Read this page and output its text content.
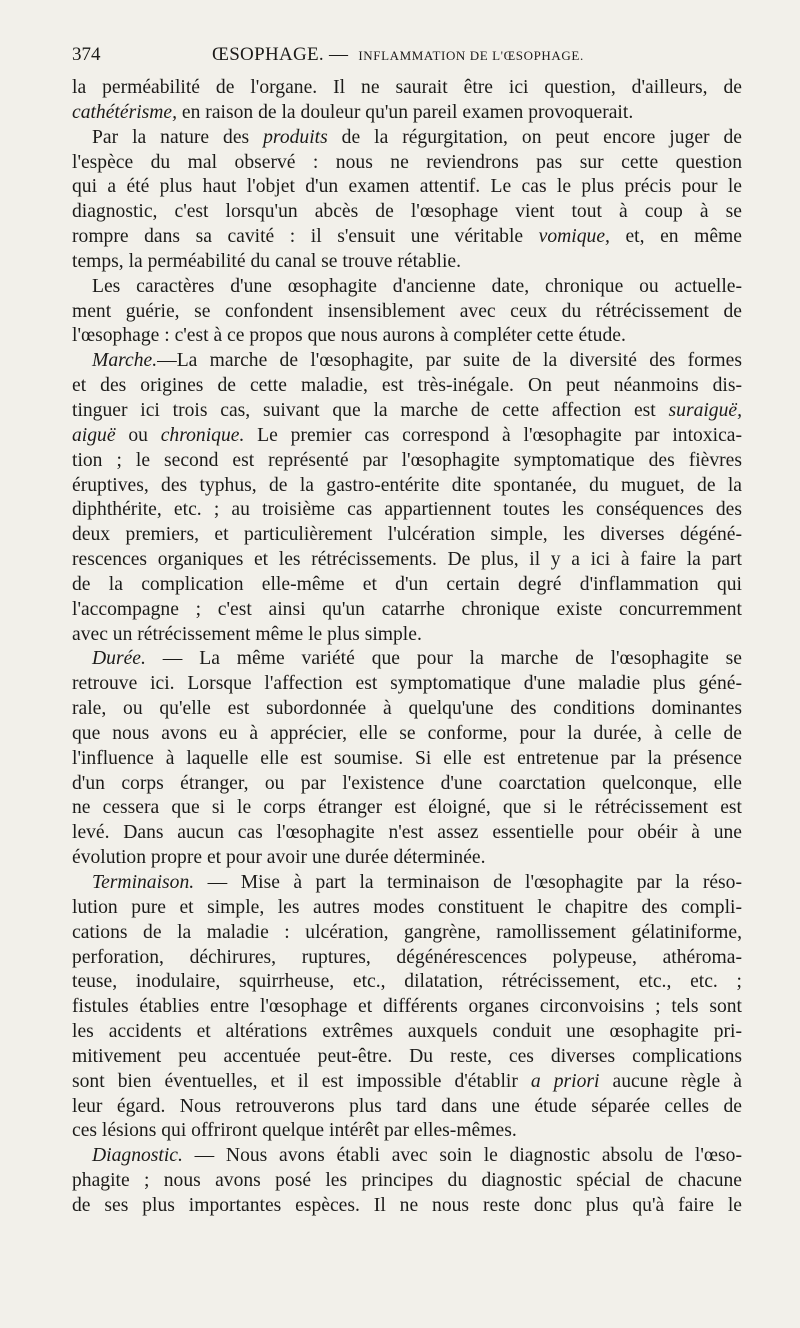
374	ŒSOPHAGE. — INFLAMMATION DE L'ŒSOPHAGE.
la perméabilité de l'organe. Il ne saurait être ici question, d'ailleurs, de
cathétérisme, en raison de la douleur qu'un pareil examen provoquerait.
Par la nature des produits de la régurgitation, on peut encore juger de
l'espèce du mal observé : nous ne reviendrons pas sur cette question
qui a été plus haut l'objet d'un examen attentif. Le cas le plus précis pour le
diagnostic, c'est lorsqu'un abcès de l'œsophage vient tout à coup à se
rompre dans sa cavité : il s'ensuit une véritable vomique, et, en même
temps, la perméabilité du canal se trouve rétablie.
Les caractères d'une œsophagite d'ancienne date, chronique ou actuelle-
ment guérie, se confondent insensiblement avec ceux du rétrécissement de
l'œsophage : c'est à ce propos que nous aurons à compléter cette étude.
Marche.—La marche de l'œsophagite, par suite de la diversité des formes
et des origines de cette maladie, est très-inégale. On peut néanmoins dis-
tinguer ici trois cas, suivant que la marche de cette affection est suraiguë,
aiguë ou chronique. Le premier cas correspond à l'œsophagite par intoxica-
tion ; le second est représenté par l'œsophagite symptomatique des fièvres
éruptives, des typhus, de la gastro-entérite dite spontanée, du muguet, de la
diphthérite, etc. ; au troisième cas appartiennent toutes les conséquences des
deux premiers, et particulièrement l'ulcération simple, les diverses dégéné-
rescences organiques et les rétrécissements. De plus, il y a ici à faire la part
de la complication elle-même et d'un certain degré d'inflammation qui
l'accompagne ; c'est ainsi qu'un catarrhe chronique existe concurremment
avec un rétrécissement même le plus simple.
Durée. — La même variété que pour la marche de l'œsophagite se
retrouve ici. Lorsque l'affection est symptomatique d'une maladie plus géné-
rale, ou qu'elle est subordonnée à quelqu'une des conditions dominantes
que nous avons eu à apprécier, elle se conforme, pour la durée, à celle de
l'influence à laquelle elle est soumise. Si elle est entretenue par la présence
d'un corps étranger, ou par l'existence d'une coarctation quelconque, elle
ne cessera que si le corps étranger est éloigné, que si le rétrécissement est
levé. Dans aucun cas l'œsophagite n'est assez essentielle pour obéir à une
évolution propre et pour avoir une durée déterminée.
Terminaison. — Mise à part la terminaison de l'œsophagite par la réso-
lution pure et simple, les autres modes constituent le chapitre des compli-
cations de la maladie : ulcération, gangrène, ramollissement gélatiniforme,
perforation, déchirures, ruptures, dégénérescences polypeuse, athéroma-
teuse, inodulaire, squirrheuse, etc., dilatation, rétrécissement, etc., etc. ;
fistules établies entre l'œsophage et différents organes circonvoisins ; tels sont
les accidents et altérations extrêmes auxquels conduit une œsophagite pri-
mitivement peu accentuée peut-être. Du reste, ces diverses complications
sont bien éventuelles, et il est impossible d'établir a priori aucune règle à
leur égard. Nous retrouverons plus tard dans une étude séparée celles de
ces lésions qui offriront quelque intérêt par elles-mêmes.
Diagnostic. — Nous avons établi avec soin le diagnostic absolu de l'œso-
phagite ; nous avons posé les principes du diagnostic spécial de chacune
de ses plus importantes espèces. Il ne nous reste donc plus qu'à faire le
